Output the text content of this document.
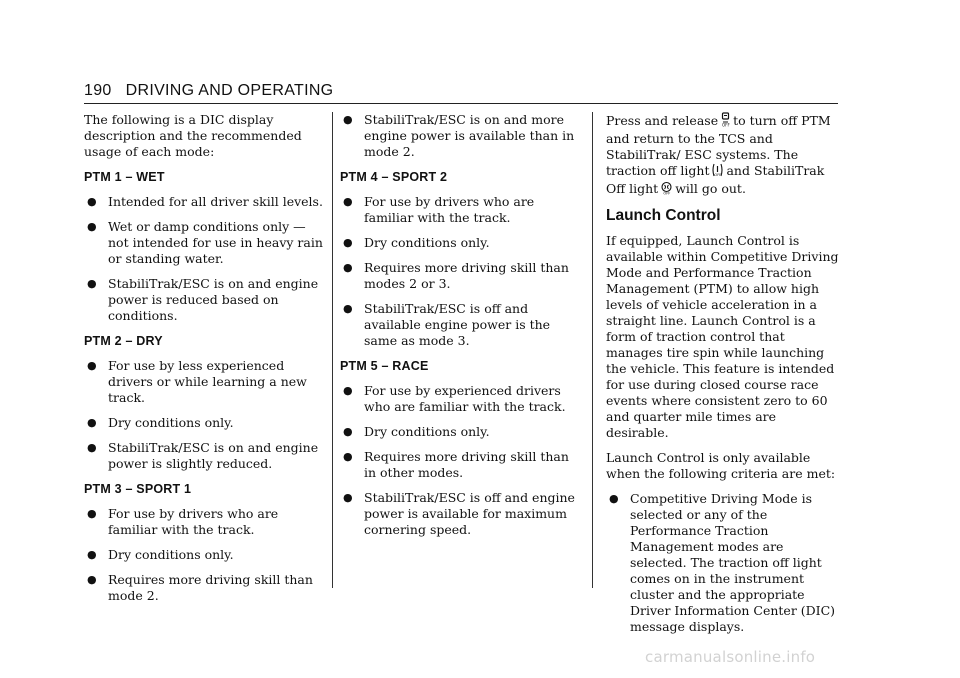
190 DRIVING AND OPERATING

The following is a DIC display description and the recommended usage of each mode:

PTM 1 – WET
● Intended for all driver skill levels.
● Wet or damp conditions only — not intended for use in heavy rain or standing water.
● StabiliTrak/ESC is on and engine power is reduced based on conditions.
PTM 2 – DRY
● For use by less experienced drivers or while learning a new track.
● Dry conditions only.
● StabiliTrak/ESC is on and engine power is slightly reduced.
PTM 3 – SPORT 1
● For use by drivers who are familiar with the track.
● Dry conditions only.
● Requires more driving skill than mode 2.
● StabiliTrak/ESC is on and more engine power is available than in mode 2.
PTM 4 – SPORT 2
● For use by drivers who are familiar with the track.
● Dry conditions only.
● Requires more driving skill than modes 2 or 3.
● StabiliTrak/ESC is off and available engine power is the same as mode 3.
PTM 5 – RACE
● For use by experienced drivers who are familiar with the track.
● Dry conditions only.
● Requires more driving skill than in other modes.
● StabiliTrak/ESC is off and engine power is available for maximum cornering speed.

Press and release OFF to turn off PTM and return to the TCS and StabiliTrak/ ESC systems. The traction off light OFF and StabiliTrak Off light OFF will go out.

Launch Control

If equipped, Launch Control is available within Competitive Driving Mode and Performance Traction Management (PTM) to allow high levels of vehicle acceleration in a straight line. Launch Control is a form of traction control that manages tire spin while launching the vehicle. This feature is intended for use during closed course race events where consistent zero to 60 and quarter mile times are desirable.

Launch Control is only available when the following criteria are met:

● Competitive Driving Mode is selected or any of the Performance Traction Management modes are selected. The traction off light comes on in the instrument cluster and the appropriate Driver Information Center (DIC) message displays.
carmanualsonline.info
